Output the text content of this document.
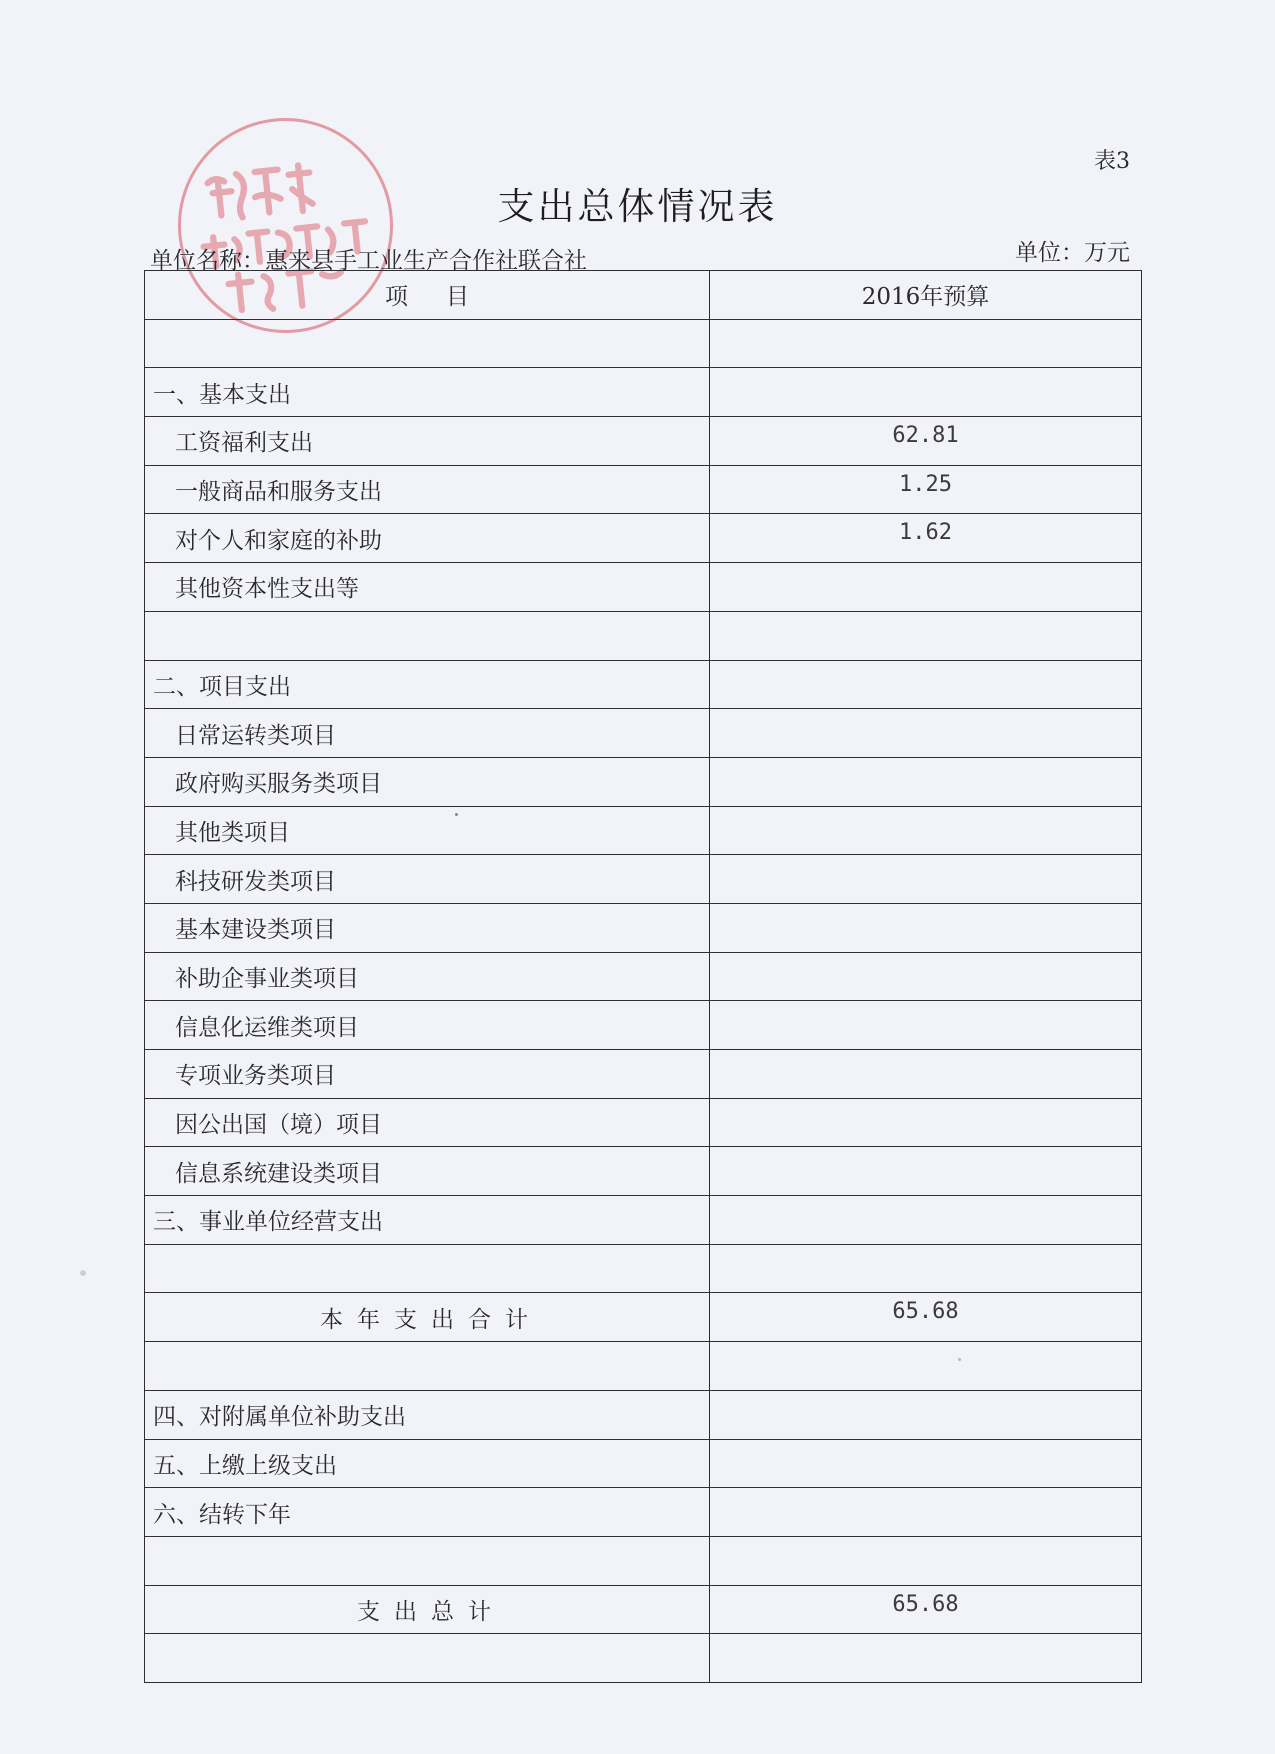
表3
支出总体情况表
单位名称：惠来县手工业生产合作社联合社	单位：万元
项目	2016年预算

一、基本支出	
工资福利支出	62.81
一般商品和服务支出	1.25
对个人和家庭的补助	1.62
其他资本性支出等	

二、项目支出	
日常运转类项目	
政府购买服务类项目	
其他类项目	
科技研发类项目	
基本建设类项目	
补助企事业类项目	
信息化运维类项目	
专项业务类项目	
因公出国（境）项目	
信息系统建设类项目	
三、事业单位经营支出	

本年支出合计	65.68

四、对附属单位补助支出	
五、上缴上级支出	
六、结转下年	

支出总计	65.68
